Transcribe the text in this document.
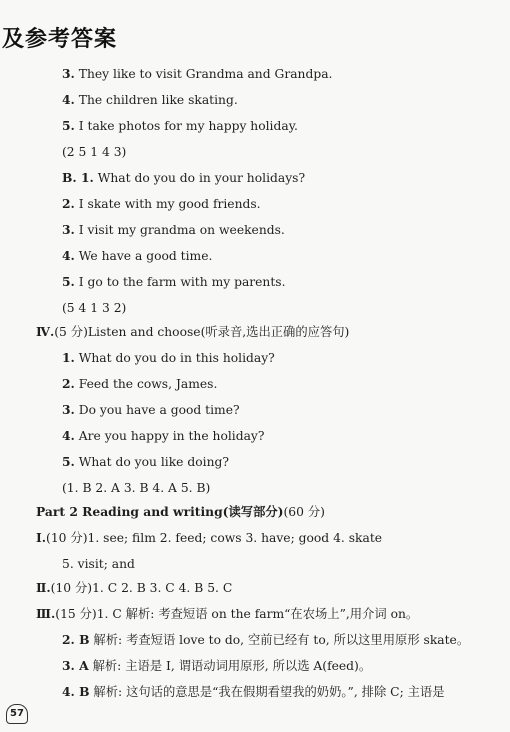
及参考答案
3. They like to visit Grandma and Grandpa.
4. The children like skating.
5. I take photos for my happy holiday.
(2 5 1 4 3)
B. 1. What do you do in your holidays?
2. I skate with my good friends.
3. I visit my grandma on weekends.
4. We have a good time.
5. I go to the farm with my parents.
(5 4 1 3 2)
Ⅳ.(5 分)Listen and choose(听录音,选出正确的应答句)
1. What do you do in this holiday?
2. Feed the cows, James.
3. Do you have a good time?
4. Are you happy in the holiday?
5. What do you like doing?
(1. B 2. A 3. B 4. A 5. B)
Part 2 Reading and writing(读写部分)(60 分)
Ⅰ.(10 分)1. see; film 2. feed; cows 3. have; good 4. skate
5. visit; and
Ⅱ.(10 分)1. C 2. B 3. C 4. B 5. C
Ⅲ.(15 分)1. C 解析: 考查短语 on the farm“在农场上”,用介词 on。
2. B 解析: 考查短语 love to do, 空前已经有 to, 所以这里用原形 skate。
3. A 解析: 主语是 I, 谓语动词用原形, 所以选 A(feed)。
4. B 解析: 这句话的意思是“我在假期看望我的奶奶。”, 排除 C; 主语是
57
